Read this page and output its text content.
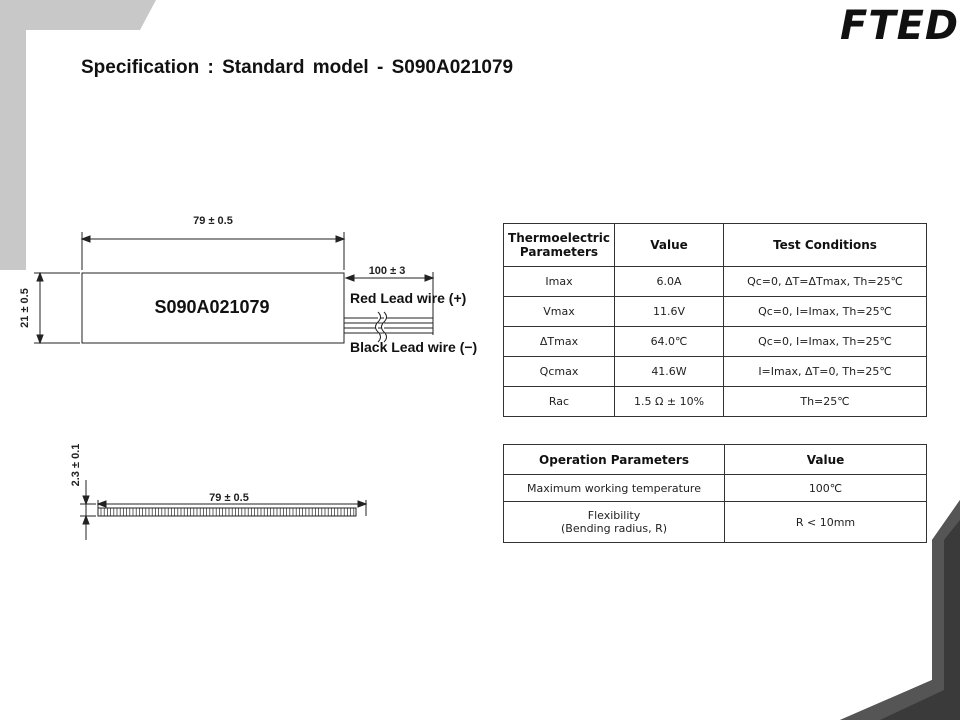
FTED
Specification : Standard model - S090A021079
79 ± 0.5
100 ± 3
21 ± 0.5	S090A021079	Red Lead wire (+)
Black Lead wire (−)
2.3 ± 0.1
79 ± 0.5
Thermoelectric
Parameters	Value	Test Conditions
Imax	6.0A	Qc=0, ΔT=ΔTmax, Th=25℃
Vmax	11.6V	Qc=0, I=Imax, Th=25℃
ΔTmax	64.0℃	Qc=0, I=Imax, Th=25℃
Qcmax	41.6W	I=Imax, ΔT=0, Th=25℃
Rac	1.5 Ω ± 10%	Th=25℃
Operation Parameters	Value
Maximum working temperature	100℃
Flexibility
(Bending radius, R)	R < 10mm
